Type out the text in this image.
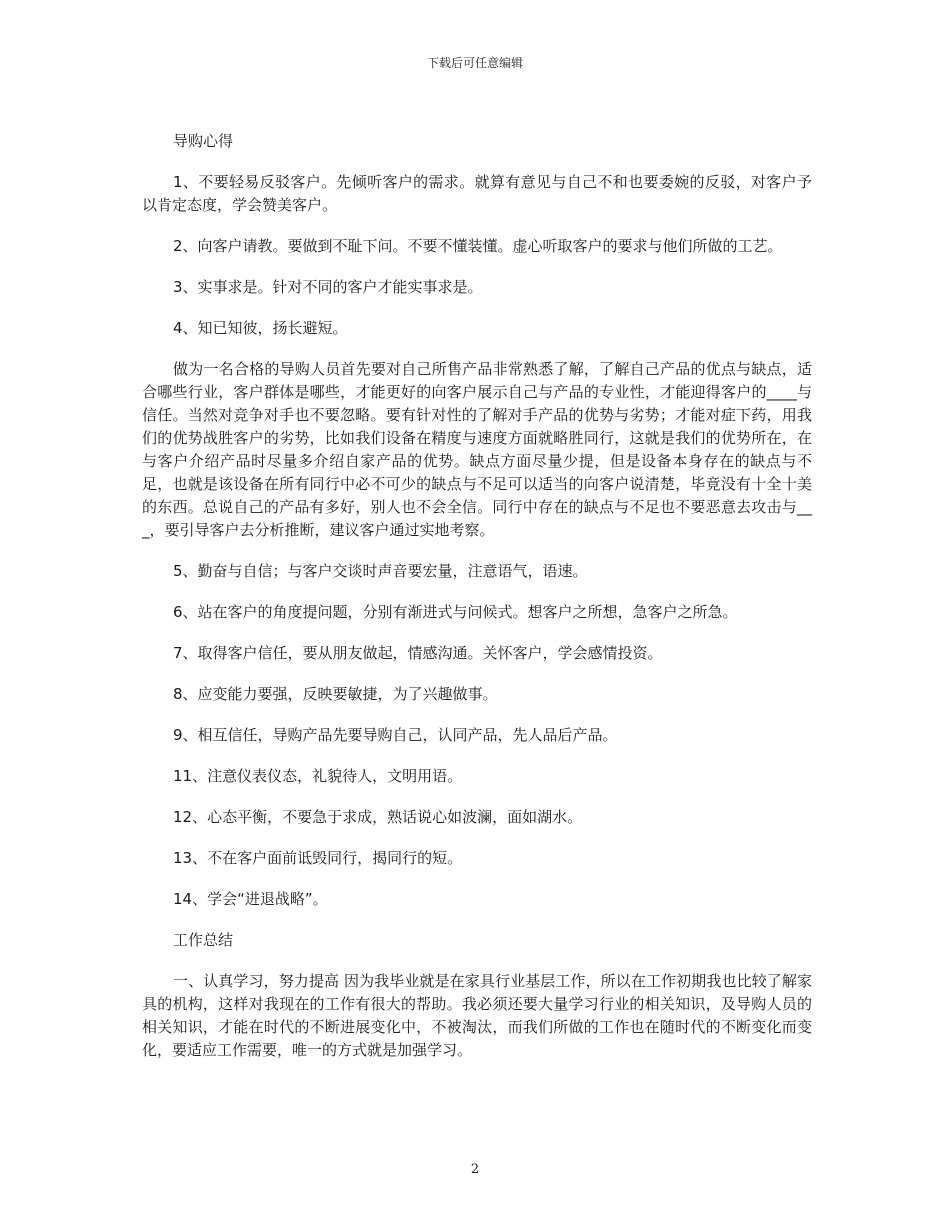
下载后可任意编辑

导购心得

1、不要轻易反驳客户。先倾听客户的需求。就算有意见与自己不和也要委婉的反驳，对客户予以肯定态度，学会赞美客户。

2、向客户请教。要做到不耻下问。不要不懂装懂。虚心听取客户的要求与他们所做的工艺。

3、实事求是。针对不同的客户才能实事求是。

4、知已知彼，扬长避短。

做为一名合格的导购人员首先要对自己所售产品非常熟悉了解，了解自己产品的优点与缺点，适合哪些行业，客户群体是哪些，才能更好的向客户展示自己与产品的专业性，才能迎得客户的____与信任。当然对竞争对手也不要忽略。要有针对性的了解对手产品的优势与劣势；才能对症下药，用我们的优势战胜客户的劣势，比如我们设备在精度与速度方面就略胜同行，这就是我们的优势所在，在与客户介绍产品时尽量多介绍自家产品的优势。缺点方面尽量少提，但是设备本身存在的缺点与不足，也就是该设备在所有同行中必不可少的缺点与不足可以适当的向客户说清楚，毕竟没有十全十美的东西。总说自己的产品有多好，别人也不会全信。同行中存在的缺点与不足也不要恶意去攻击与___，要引导客户去分析推断，建议客户通过实地考察。

5、勤奋与自信；与客户交谈时声音要宏量，注意语气，语速。

6、站在客户的角度提问题，分别有渐进式与问候式。想客户之所想，急客户之所急。

7、取得客户信任，要从朋友做起，情感沟通。关怀客户，学会感情投资。

8、应变能力要强，反映要敏捷，为了兴趣做事。

9、相互信任，导购产品先要导购自己，认同产品，先人品后产品。

11、注意仪表仪态，礼貌待人，文明用语。

12、心态平衡，不要急于求成，熟话说心如波澜，面如湖水。

13、不在客户面前诋毁同行，揭同行的短。

14、学会“进退战略”。

工作总结

一、认真学习，努力提高 因为我毕业就是在家具行业基层工作，所以在工作初期我也比较了解家具的机构，这样对我现在的工作有很大的帮助。我必须还要大量学习行业的相关知识，及导购人员的相关知识，才能在时代的不断进展变化中，不被淘汰，而我们所做的工作也在随时代的不断变化而变化，要适应工作需要，唯一的方式就是加强学习。

2
